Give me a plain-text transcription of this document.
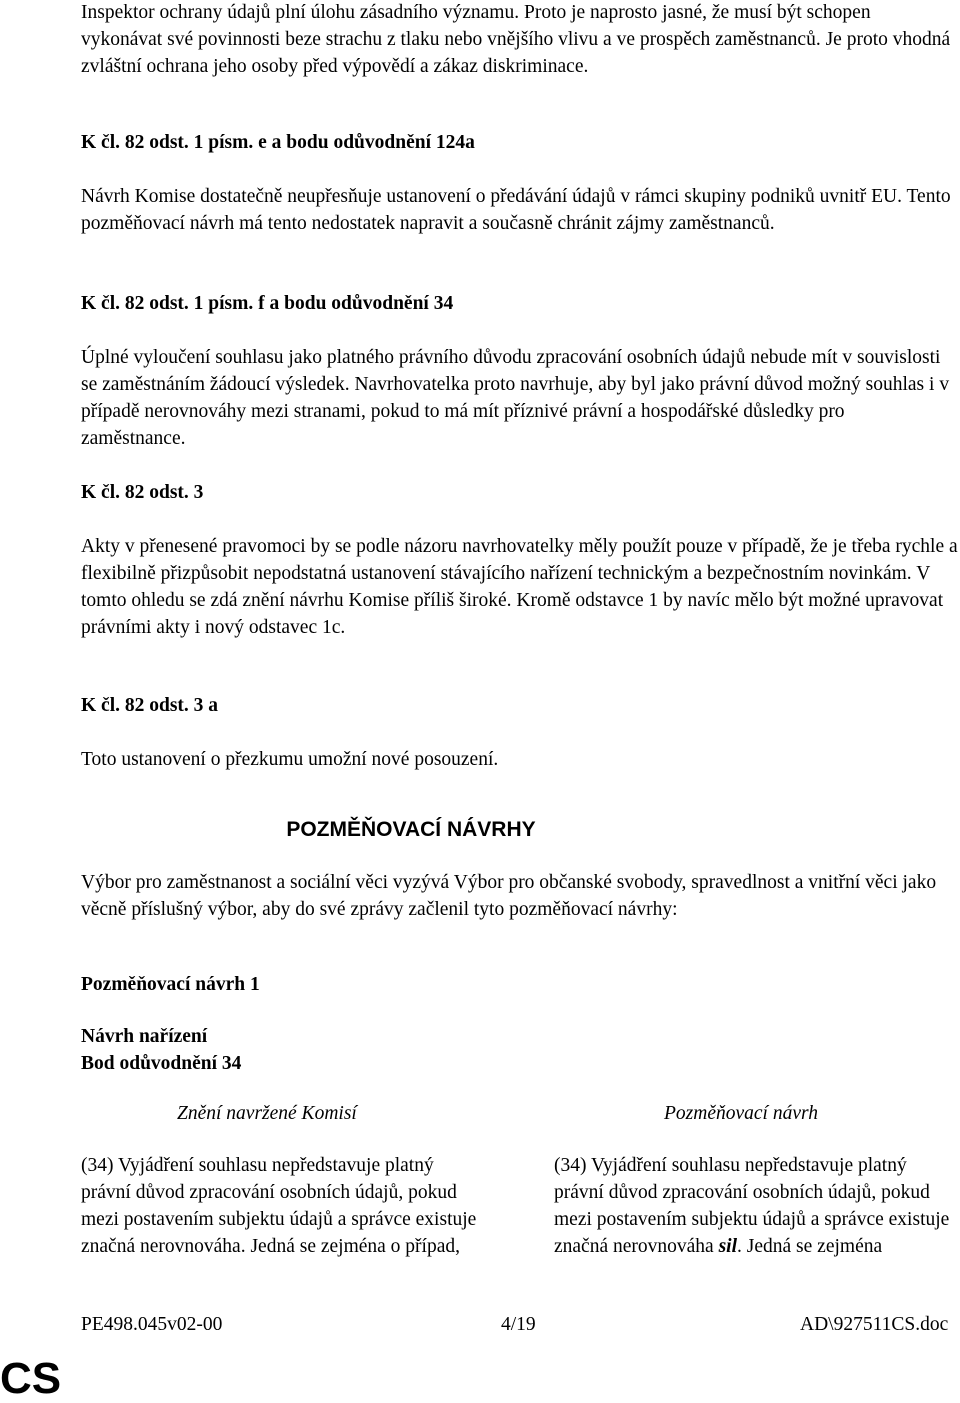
Inspektor ochrany údajů plní úlohu zásadního významu. Proto je naprosto jasné, že musí být schopen vykonávat své povinnosti beze strachu z tlaku nebo vnějšího vlivu a ve prospěch zaměstnanců. Je proto vhodná zvláštní ochrana jeho osoby před výpovědí a zákaz diskriminace.

K čl. 82 odst. 1 písm. e a bodu odůvodnění 124a

Návrh Komise dostatečně neupřesňuje ustanovení o předávání údajů v rámci skupiny podniků uvnitř EU. Tento pozměňovací návrh má tento nedostatek napravit a současně chránit zájmy zaměstnanců.

K čl. 82 odst. 1 písm. f a bodu odůvodnění 34

Úplné vyloučení souhlasu jako platného právního důvodu zpracování osobních údajů nebude mít v souvislosti se zaměstnáním žádoucí výsledek. Navrhovatelka proto navrhuje, aby byl jako právní důvod možný souhlas i v případě nerovnováhy mezi stranami, pokud to má mít příznivé právní a hospodářské důsledky pro zaměstnance.

K čl. 82 odst. 3

Akty v přenesené pravomoci by se podle názoru navrhovatelky měly použít pouze v případě, že je třeba rychle a flexibilně přizpůsobit nepodstatná ustanovení stávajícího nařízení technickým a bezpečnostním novinkám. V tomto ohledu se zdá znění návrhu Komise příliš široké. Kromě odstavce 1 by navíc mělo být možné upravovat právními akty i nový odstavec 1c.

K čl. 82 odst. 3 a

Toto ustanovení o přezkumu umožní nové posouzení.

POZMĚŇOVACÍ NÁVRHY

Výbor pro zaměstnanost a sociální věci vyzývá Výbor pro občanské svobody, spravedlnost a vnitřní věci jako věcně příslušný výbor, aby do své zprávy začlenil tyto pozměňovací návrhy:

Pozměňovací návrh 1

Návrh nařízení

Bod odůvodnění 34

Znění navržené Komisí	Pozměňovací návrh
(34) Vyjádření souhlasu nepředstavuje platný právní důvod zpracování osobních údajů, pokud mezi postavením subjektu údajů a správce existuje značná nerovnováha. Jedná se zejména o případ,
(34) Vyjádření souhlasu nepředstavuje platný právní důvod zpracování osobních údajů, pokud mezi postavením subjektu údajů a správce existuje značná nerovnováha sil. Jedná se zejména
PE498.045v02-00	4/19	AD\927511CS.doc
CS
